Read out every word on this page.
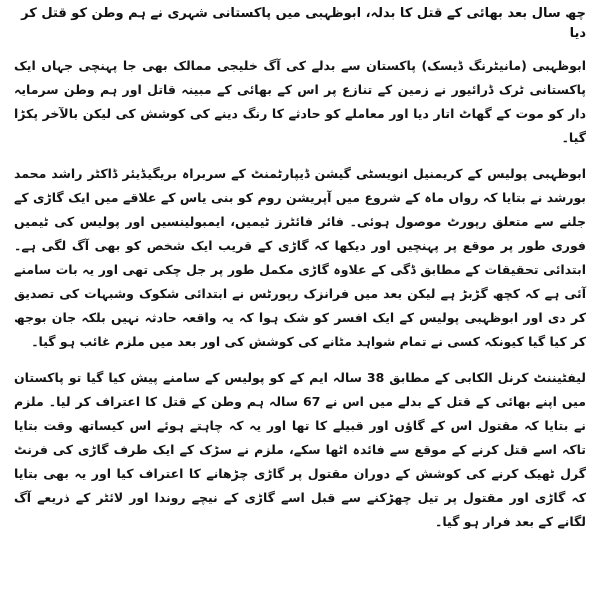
چھ سال بعد بھائی کے قتل کا بدلہ، ابوظہبی میں پاکستانی شہری نے ہم وطن کو قتل کر دیا

ابوظہبی (مانیٹرنگ ڈیسک) پاکستان سے بدلے کی آگ خلیجی ممالک بھی جا پہنچی جہاں ایک پاکستانی ٹرک ڈرائیور نے زمین کے تنازع پر اس کے بھائی کے مبینہ قاتل اور ہم وطن سرمایہ دار کو موت کے گھاٹ اتار دیا اور معاملے کو حادثے کا رنگ دینے کی کوشش کی لیکن بالآخر پکڑا گیا۔

ابوظہبی پولیس کے کریمنیل انویسٹی گیشن ڈیپارٹمنٹ کے سربراہ بریگیڈیئر ڈاکٹر راشد محمد بورشد نے بتایا کہ رواں ماہ کے شروع میں آپریشن روم کو بنی یاس کے علاقے میں ایک گاڑی کے جلنے سے متعلق رپورٹ موصول ہوئی۔ فائر فائٹرز ٹیمیں، ایمبولینسیں اور پولیس کی ٹیمیں فوری طور پر موقع پر پہنچیں اور دیکھا کہ گاڑی کے قریب ایک شخص کو بھی آگ لگی ہے۔ ابتدائی تحقیقات کے مطابق ڈگی کے علاوہ گاڑی مکمل طور پر جل چکی تھی اور یہ بات سامنے آئی ہے کہ کچھ گڑبڑ ہے لیکن بعد میں فرانزک رپورٹس نے ابتدائی شکوک وشبہات کی تصدیق کر دی اور ابوظہبی پولیس کے ایک افسر کو شک ہوا کہ یہ واقعہ حادثہ نہیں بلکہ جان بوجھ کر کیا گیا کیونکہ کسی نے تمام شواہد مٹانے کی کوشش کی اور بعد میں ملزم غائب ہو گیا۔

لیفٹیننٹ کرنل الکابی کے مطابق 38 سالہ ایم کے کو پولیس کے سامنے پیش کیا گیا تو پاکستان میں اپنے بھائی کے قتل کے بدلے میں اس نے 67 سالہ ہم وطن کے قتل کا اعتراف کر لیا۔ ملزم نے بتایا کہ مقتول اس کے گاؤں اور قبیلے کا تھا اور یہ کہ چاہتے ہوئے اس کیساتھ وقت بتایا تاکہ اسے قتل کرنے کے موقع سے فائدہ اٹھا سکے، ملزم نے سڑک کے ایک طرف گاڑی کی فرنٹ گرل ٹھیک کرنے کی کوشش کے دوران مقتول پر گاڑی چڑھانے کا اعتراف کیا اور یہ بھی بتایا کہ گاڑی اور مقتول پر تیل چھڑکنے سے قبل اسے گاڑی کے نیچے روندا اور لائٹر کے ذریعے آگ لگانے کے بعد فرار ہو گیا۔
